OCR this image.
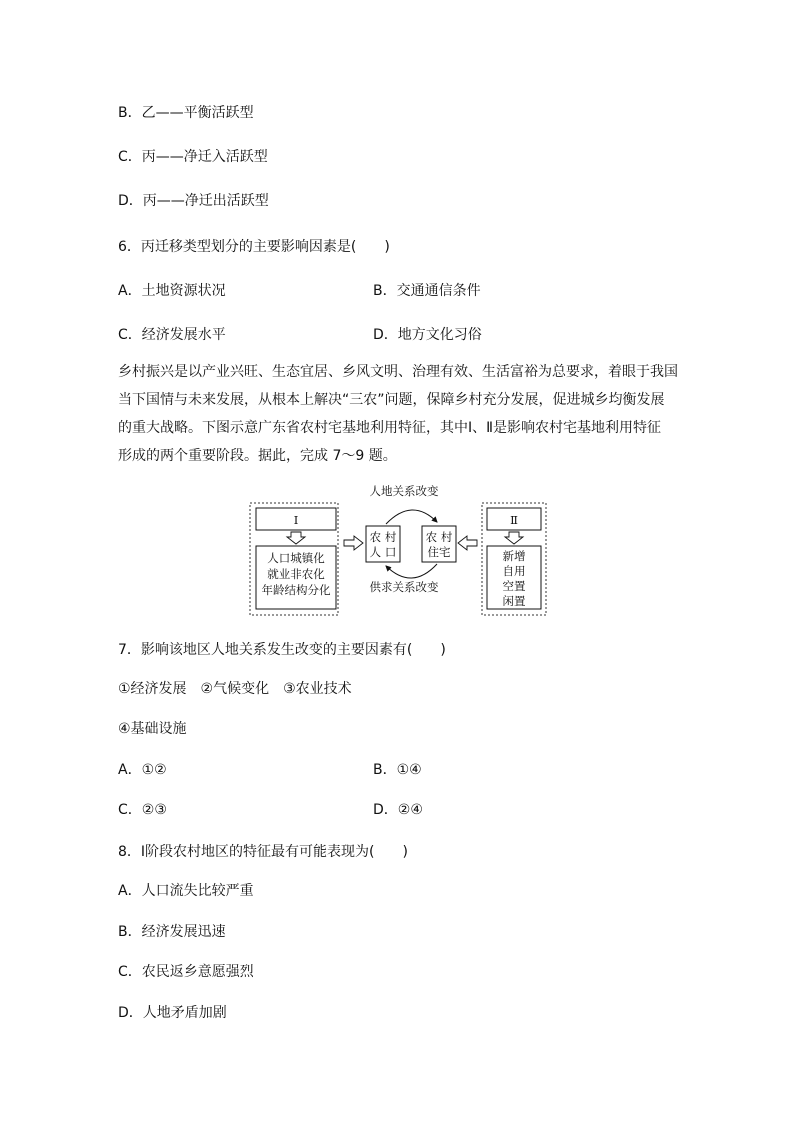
B．乙——平衡活跃型
C．丙——净迁入活跃型
D．丙——净迁出活跃型
6．丙迁移类型划分的主要影响因素是(　　)
A．土地资源状况	B．交通通信条件
C．经济发展水平	D．地方文化习俗
乡村振兴是以产业兴旺、生态宜居、乡风文明、治理有效、生活富裕为总要求，着眼于我国
当下国情与未来发展，从根本上解决“三农”问题，保障乡村充分发展，促进城乡均衡发展
的重大战略。下图示意广东省农村宅基地利用特征，其中Ⅰ、Ⅱ是影响农村宅基地利用特征
形成的两个重要阶段。据此，完成 7～9 题。
人地关系改变
供求关系改变
Ⅰ
人口城镇化
就业非农化
年龄结构分化
农 村
人 口
农 村
住宅
Ⅱ
新增
自用
空置
闲置
7．影响该地区人地关系发生改变的主要因素有(　　)
①经济发展　②气候变化　③农业技术
④基础设施
A．①②	B．①④
C．②③	D．②④
8．Ⅰ阶段农村地区的特征最有可能表现为(　　)
A．人口流失比较严重
B．经济发展迅速
C．农民返乡意愿强烈
D．人地矛盾加剧
